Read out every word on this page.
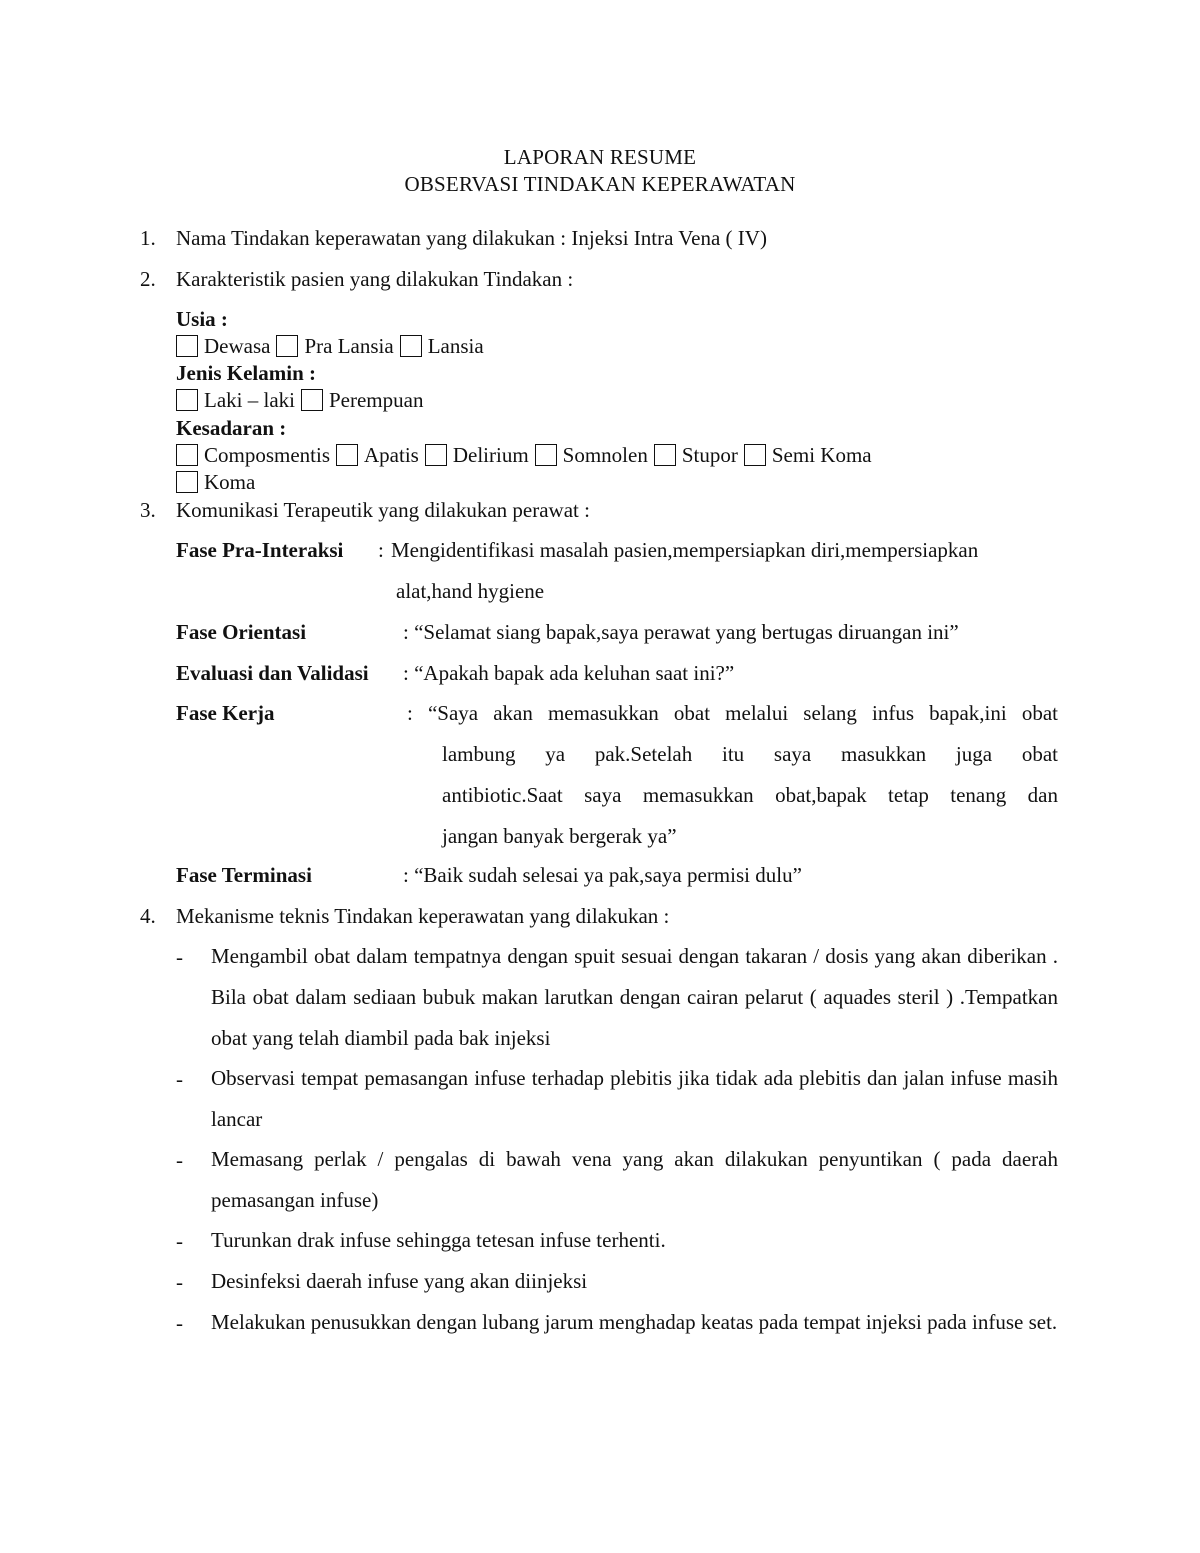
LAPORAN RESUME
OBSERVASI TINDAKAN KEPERAWATAN
1. Nama Tindakan keperawatan yang dilakukan : Injeksi Intra Vena ( IV)
2. Karakteristik pasien yang dilakukan Tindakan :
Usia :
Dewasa Pra Lansia Lansia
Jenis Kelamin :
Laki – laki Perempuan
Kesadaran :
Composmentis Apatis Delirium Somnolen Stupor Semi Koma
Koma
3. Komunikasi Terapeutik yang dilakukan perawat :
Fase Pra-Interaksi : Mengidentifikasi masalah pasien,mempersiapkan diri,mempersiapkan
alat,hand hygiene
Fase Orientasi	: “Selamat siang bapak,saya perawat yang bertugas diruangan ini”
Evaluasi dan Validasi : “Apakah bapak ada keluhan saat ini?”
Fase Kerja	: “Saya akan memasukkan obat melalui selang infus bapak,ini obat
lambung ya pak.Setelah itu saya masukkan juga obat
antibiotic.Saat saya memasukkan obat,bapak tetap tenang dan
jangan banyak bergerak ya”
Fase Terminasi	: “Baik sudah selesai ya pak,saya permisi dulu”
4. Mekanisme teknis Tindakan keperawatan yang dilakukan :
- Mengambil obat dalam tempatnya dengan spuit sesuai dengan takaran / dosis yang akan diberikan . Bila obat dalam sediaan bubuk makan larutkan dengan cairan pelarut ( aquades steril ) .Tempatkan obat yang telah diambil pada bak injeksi
- Observasi tempat pemasangan infuse terhadap plebitis jika tidak ada plebitis dan jalan infuse masih lancar
- Memasang perlak / pengalas di bawah vena yang akan dilakukan penyuntikan ( pada daerah pemasangan infuse)
- Turunkan drak infuse sehingga tetesan infuse terhenti.
- Desinfeksi daerah infuse yang akan diinjeksi
- Melakukan penusukkan dengan lubang jarum menghadap keatas pada tempat injeksi pada infuse set.
